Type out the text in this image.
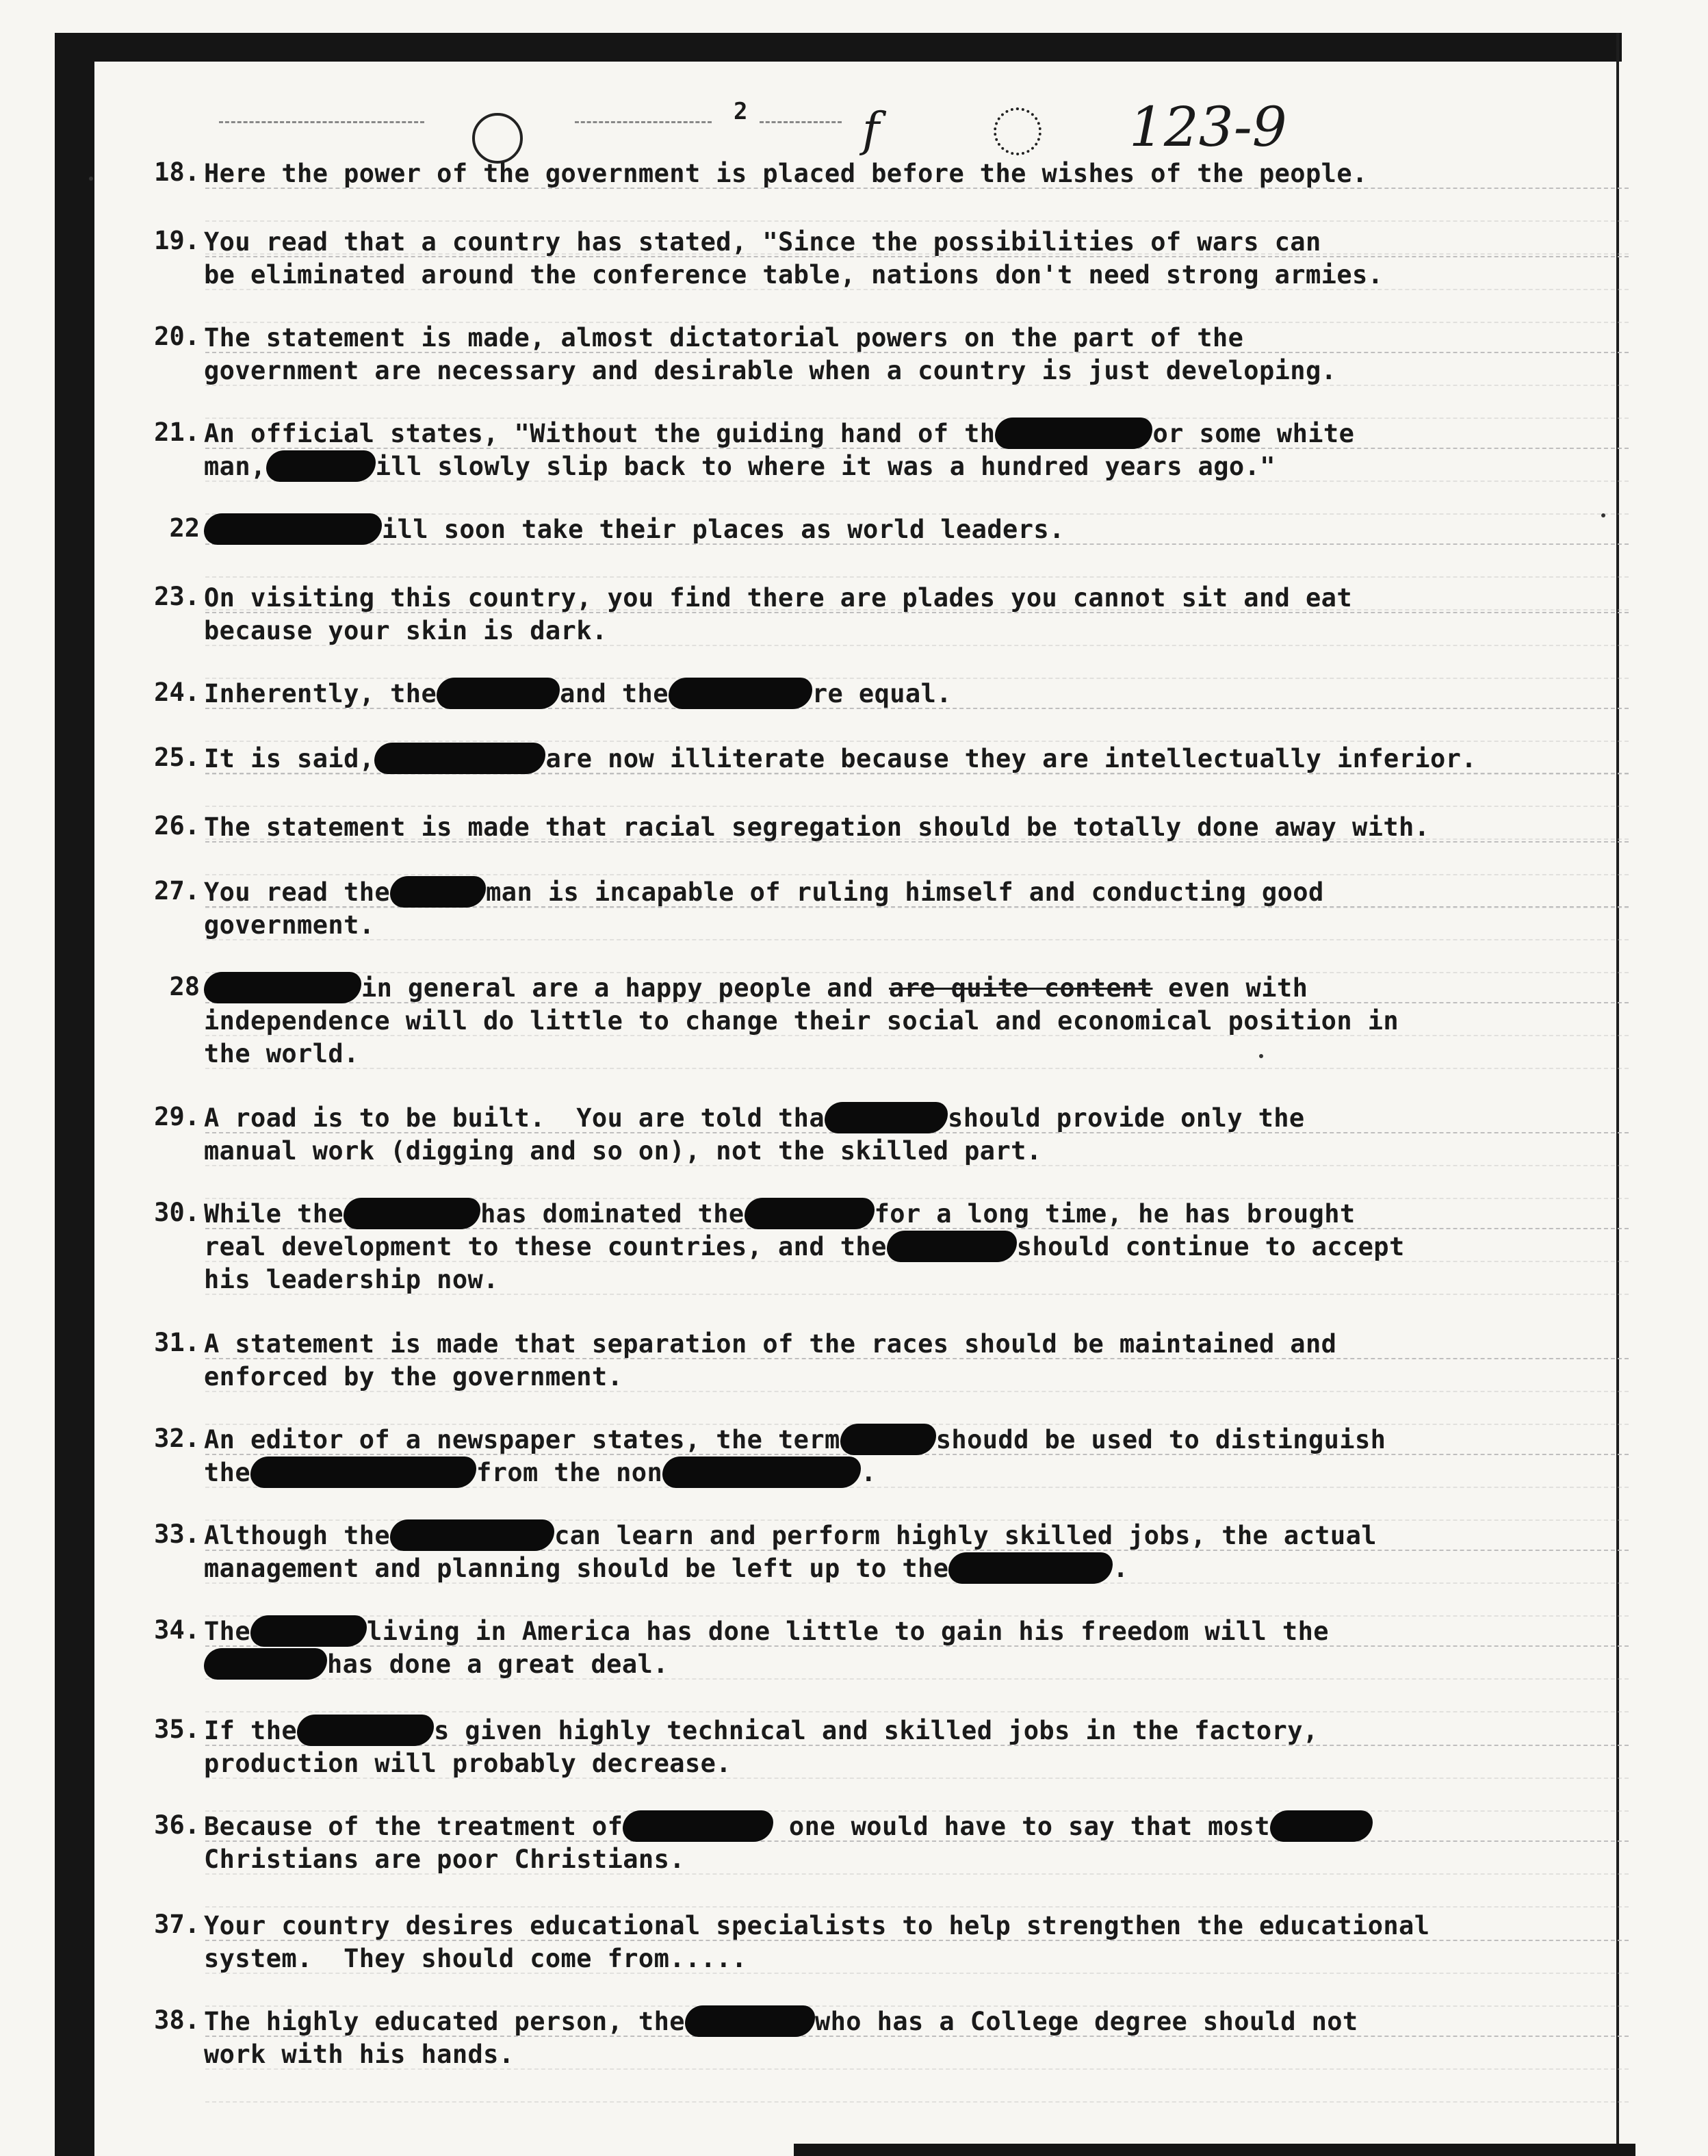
2 f	123-9
18. Here the power of the government is placed before the wishes of the people.
19. You read that a country has stated, "Since the possibilities of wars can
be eliminated around the conference table, nations don't need strong armies.
20. The statement is made, almost dictatorial powers on the part of the
government are necessary and desirable when a country is just developing.
21. An official states, "Without the guiding hand of th	or some white
man,	ill slowly slip back to where it was a hundred years ago."
22	ill soon take their places as world leaders.
23. On visiting this country, you find there are plades you cannot sit and eat
because your skin is dark.
24. Inherently, the	and the	re equal.
25. It is said,	are now illiterate because they are intellectually inferior.
26. The statement is made that racial segregation should be totally done away with.
27. You read the	man is incapable of ruling himself and conducting good
government.
28	in general are a happy people and are quite content even with
independence will do little to change their social and economical position in
the world.
29. A road is to be built.  You are told tha	should provide only the
manual work (digging and so on), not the skilled part.
30. While the	has dominated the	for a long time, he has brought
real development to these countries, and the	should continue to accept
his leadership now.
31. A statement is made that separation of the races should be maintained and
enforced by the government.
32. An editor of a newspaper states, the term	shoudd be used to distinguish
the	from the non	.
33. Although the	can learn and perform highly skilled jobs, the actual
management and planning should be left up to the	.
34. The	living in America has done little to gain his freedom will the
has done a great deal.
35. If the	s given highly technical and skilled jobs in the factory,
production will probably decrease.
36. Because of the treatment of	one would have to say that most
Christians are poor Christians.
37. Your country desires educational specialists to help strengthen the educational
system.  They should come from.....
38. The highly educated person, the	who has a College degree should not
work with his hands.
